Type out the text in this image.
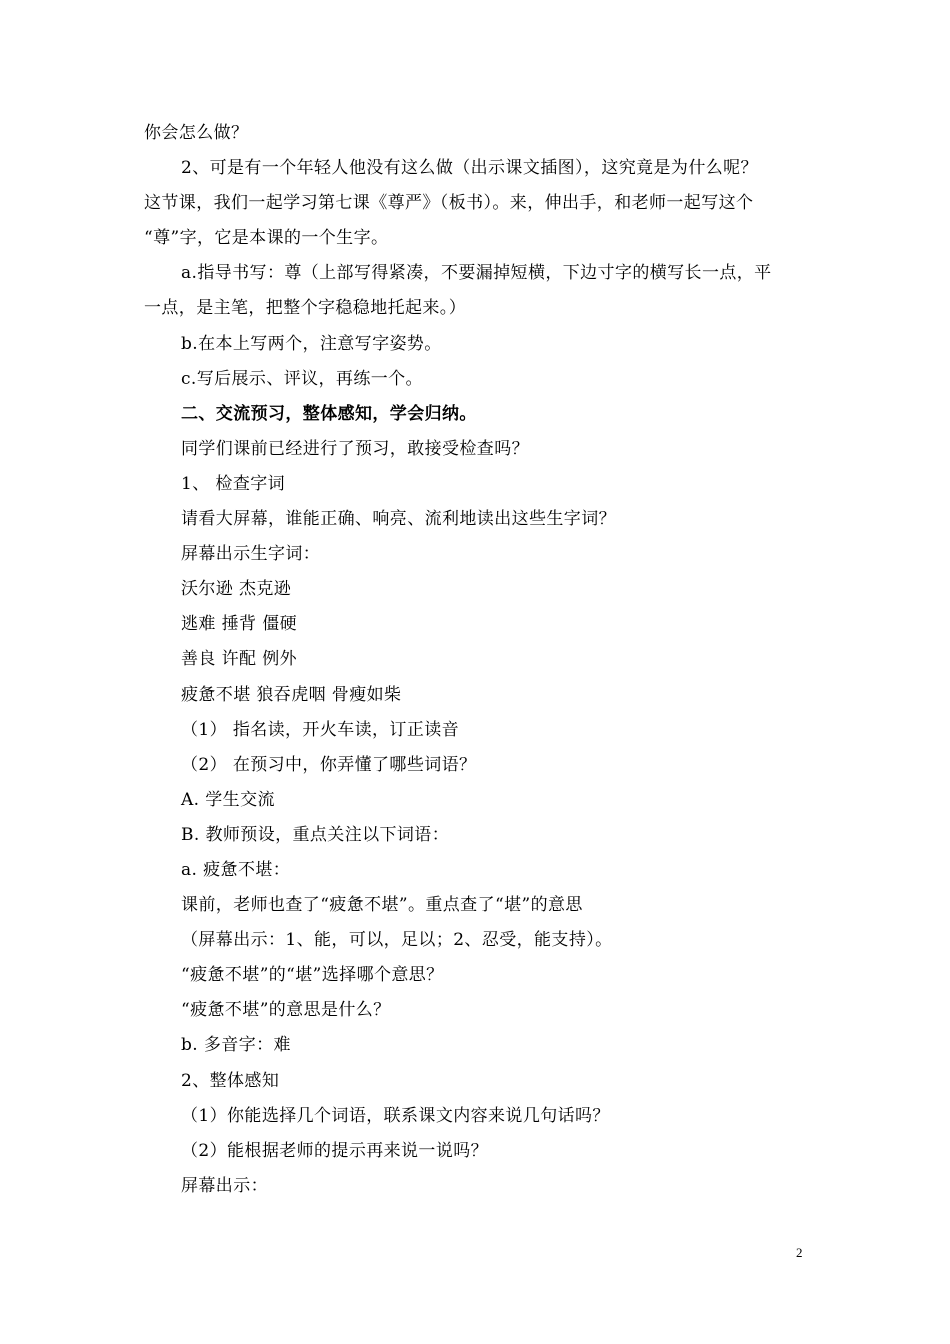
你会怎么做？
2、可是有一个年轻人他没有这么做（出示课文插图），这究竟是为什么呢？
这节课，我们一起学习第七课《尊严》（板书）。来，伸出手，和老师一起写这个
“尊”字，它是本课的一个生字。
a.指导书写：尊（上部写得紧凑，不要漏掉短横，下边寸字的横写长一点，平
一点，是主笔，把整个字稳稳地托起来。）
b.在本上写两个，注意写字姿势。
c.写后展示、评议，再练一个。
二、交流预习，整体感知，学会归纳。
同学们课前已经进行了预习，敢接受检查吗？
1、 检查字词
请看大屏幕，谁能正确、响亮、流利地读出这些生字词？
屏幕出示生字词：
沃尔逊 杰克逊
逃难 捶背 僵硬
善良 许配 例外
疲惫不堪 狼吞虎咽 骨瘦如柴
（1） 指名读，开火车读，订正读音
（2） 在预习中，你弄懂了哪些词语？
A. 学生交流
B. 教师预设，重点关注以下词语：
a. 疲惫不堪：
课前，老师也查了“疲惫不堪”。重点查了“堪”的意思
（屏幕出示：1、能，可以，足以；2、忍受，能支持）。
“疲惫不堪”的“堪”选择哪个意思？
“疲惫不堪”的意思是什么？
b. 多音字：难
2、整体感知
（1）你能选择几个词语，联系课文内容来说几句话吗？
（2）能根据老师的提示再来说一说吗？
屏幕出示：
2
